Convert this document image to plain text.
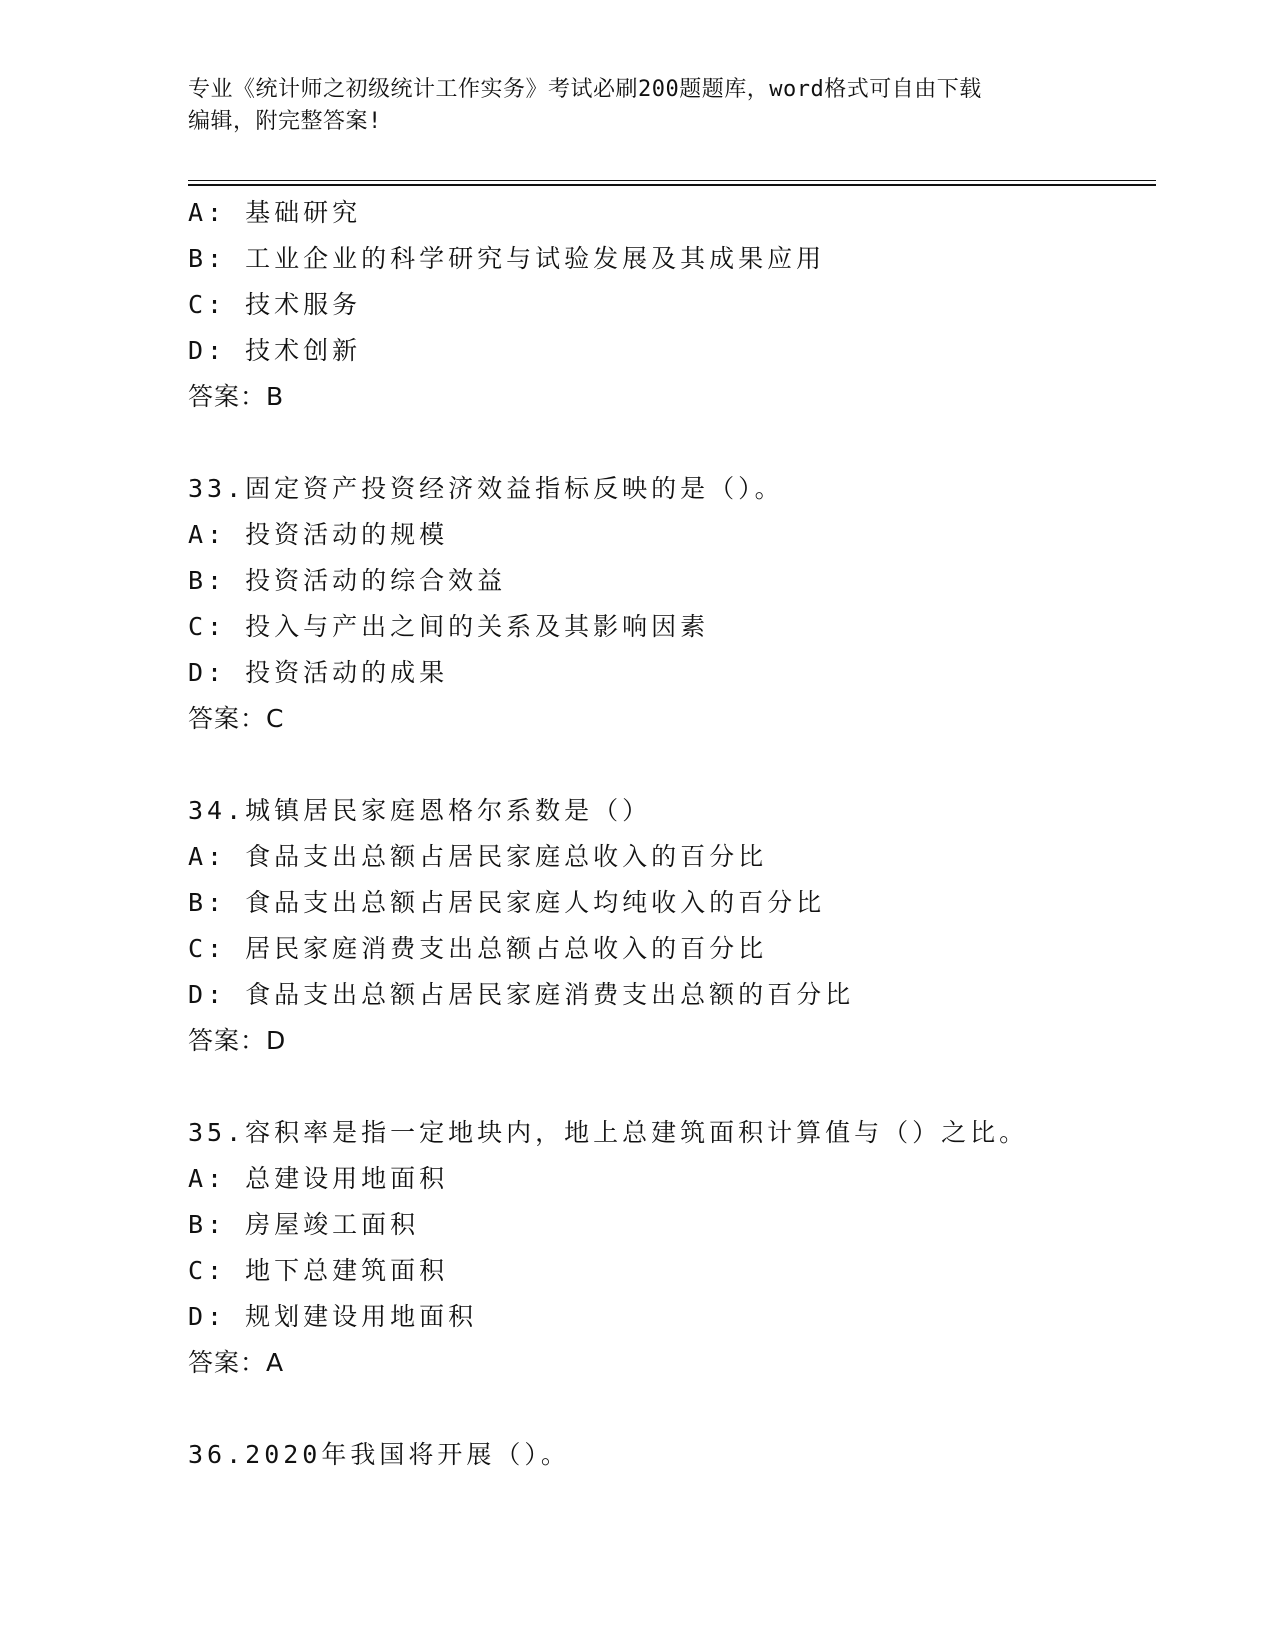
专业《统计师之初级统计工作实务》考试必刷200题题库，word格式可自由下载
编辑，附完整答案!
A: 基础研究
B: 工业企业的科学研究与试验发展及其成果应用
C: 技术服务
D: 技术创新
答案：B
33.固定资产投资经济效益指标反映的是（）。
A: 投资活动的规模
B: 投资活动的综合效益
C: 投入与产出之间的关系及其影响因素
D: 投资活动的成果
答案：C
34.城镇居民家庭恩格尔系数是（）
A: 食品支出总额占居民家庭总收入的百分比
B: 食品支出总额占居民家庭人均纯收入的百分比
C: 居民家庭消费支出总额占总收入的百分比
D: 食品支出总额占居民家庭消费支出总额的百分比
答案：D
35.容积率是指一定地块内，地上总建筑面积计算值与（）之比。
A: 总建设用地面积
B: 房屋竣工面积
C: 地下总建筑面积
D: 规划建设用地面积
答案：A
36.2020年我国将开展（）。
